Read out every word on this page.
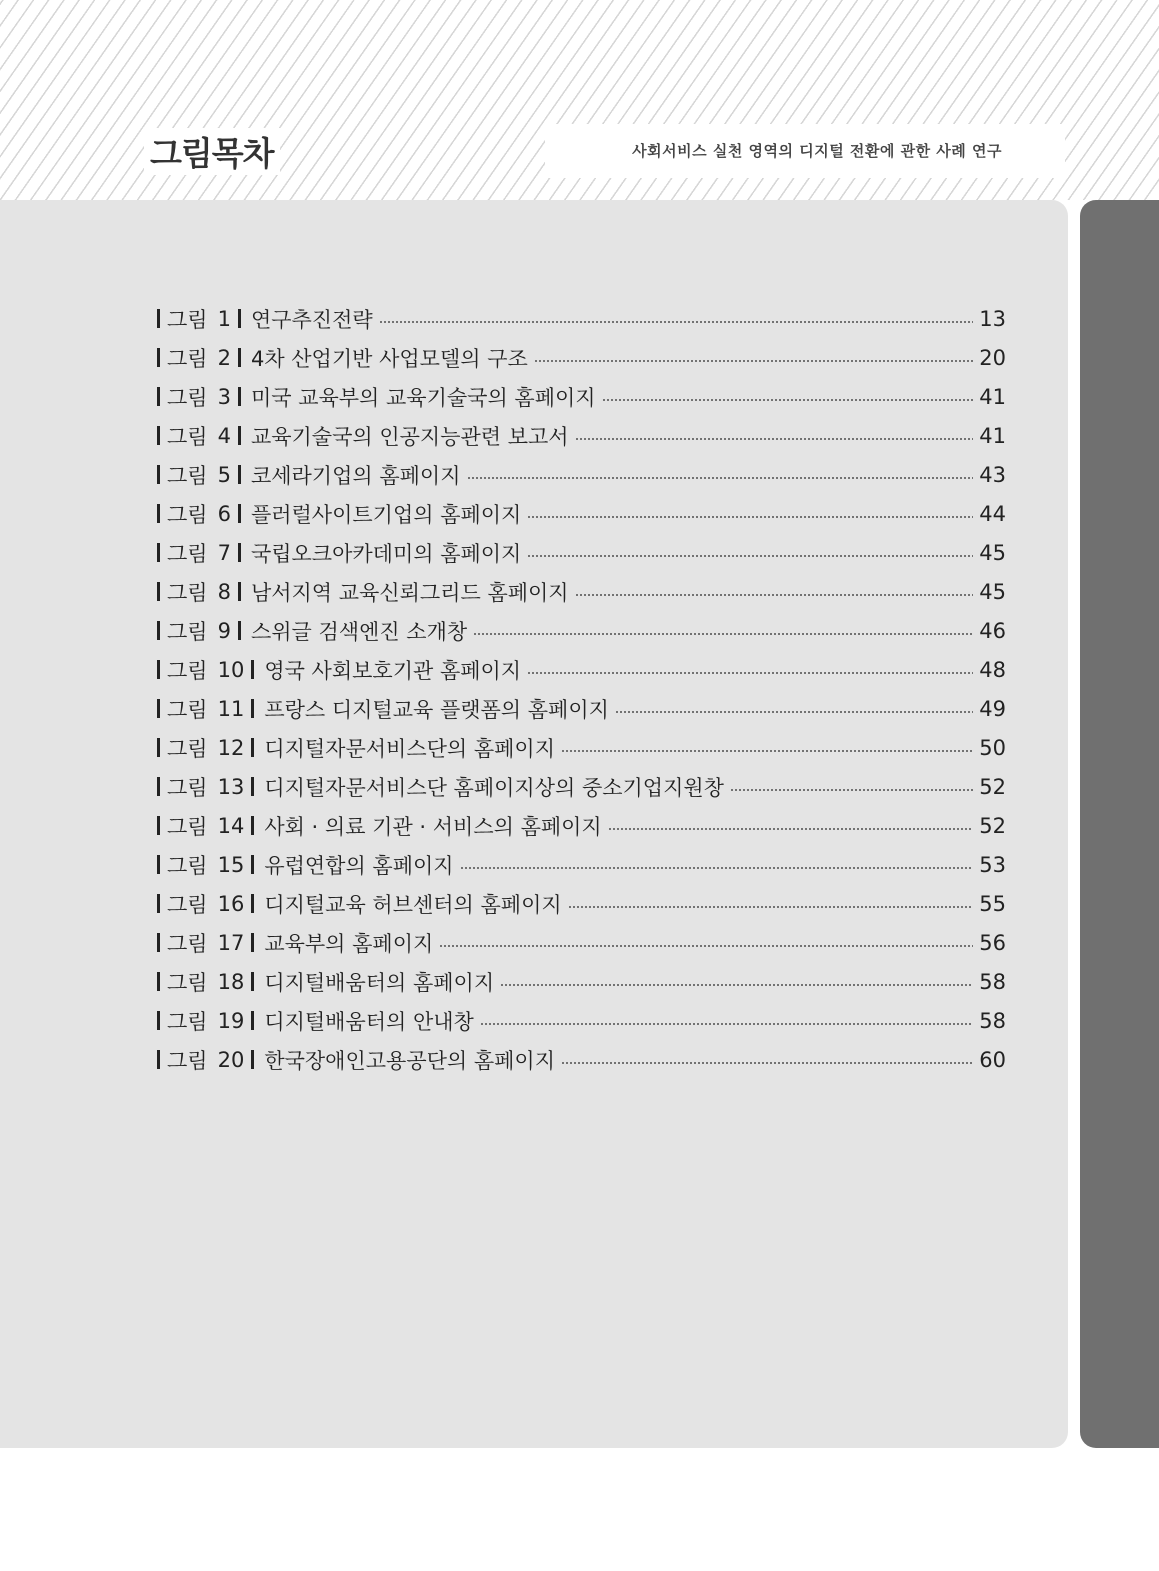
그림목차	사회서비스 실천 영역의 디지털 전환에 관한 사례 연구
그림 1 연구추진전략	13
그림 2 4차 산업기반 사업모델의 구조	20
그림 3 미국 교육부의 교육기술국의 홈페이지	41
그림 4 교육기술국의 인공지능관련 보고서	41
그림 5 코세라기업의 홈페이지	43
그림 6 플러럴사이트기업의 홈페이지	44
그림 7 국립오크아카데미의 홈페이지	45
그림 8 남서지역 교육신뢰그리드 홈페이지	45
그림 9 스위글 검색엔진 소개창	46
그림 10 영국 사회보호기관 홈페이지	48
그림 11 프랑스 디지털교육 플랫폼의 홈페이지	49
그림 12 디지털자문서비스단의 홈페이지	50
그림 13 디지털자문서비스단 홈페이지상의 중소기업지원창	52
그림 14 사회 · 의료 기관 · 서비스의 홈페이지	52
그림 15 유럽연합의 홈페이지	53
그림 16 디지털교육 허브센터의 홈페이지	55
그림 17 교육부의 홈페이지	56
그림 18 디지털배움터의 홈페이지	58
그림 19 디지털배움터의 안내창	58
그림 20 한국장애인고용공단의 홈페이지	60
